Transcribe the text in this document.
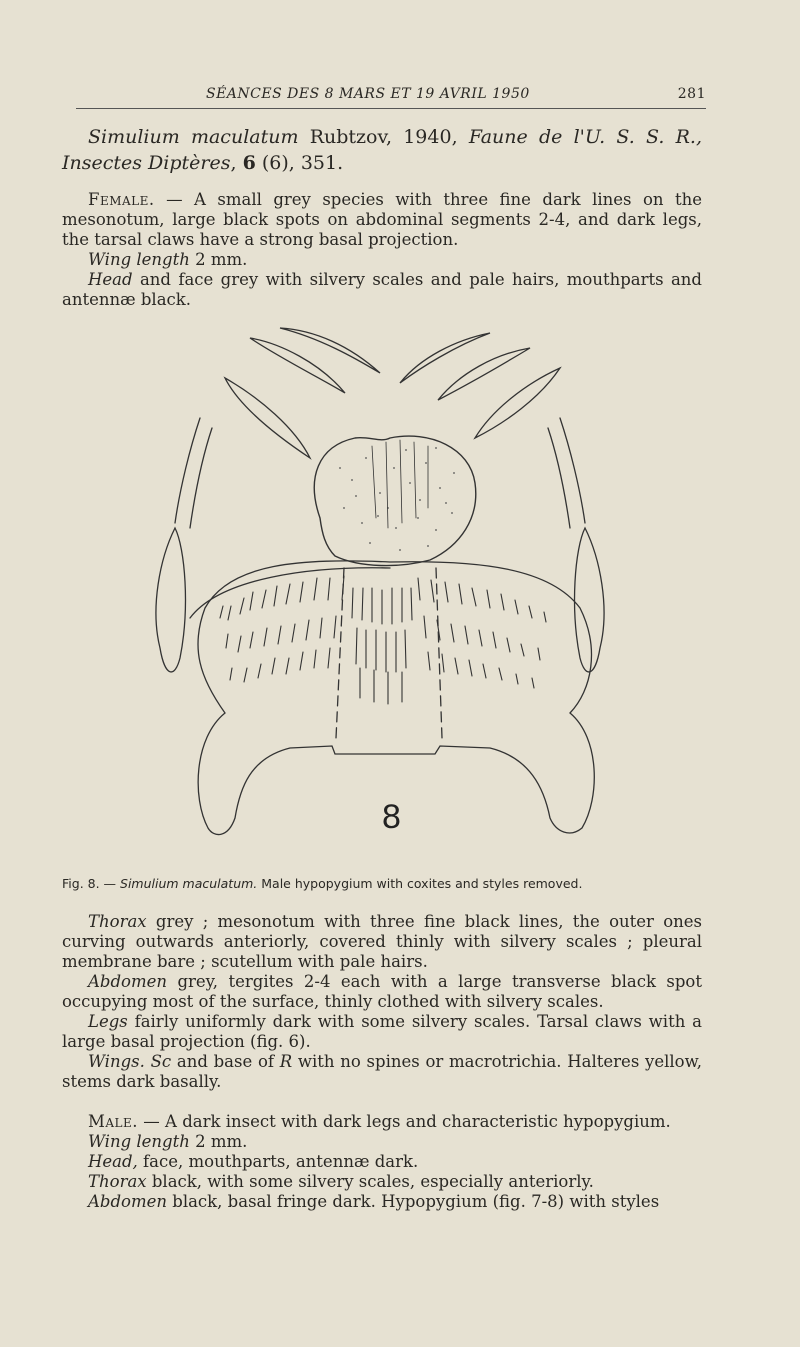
SÉANCES DES 8 MARS ET 19 AVRIL 1950	281

Simulium maculatum Rubtzov, 1940, Faune de l'U. S. S. R., Insectes Diptères, 6 (6), 351.

Female. — A small grey species with three fine dark lines on the mesonotum, large black spots on abdominal segments 2-4, and dark legs, the tarsal claws have a strong basal projection.

Wing length 2 mm.

Head and face grey with silvery scales and pale hairs, mouthparts and antennæ black.

8
Fig. 8. — Simulium maculatum. Male hypopygium with coxites and styles removed.

Thorax grey ; mesonotum with three fine black lines, the outer ones curving outwards anteriorly, covered thinly with silvery scales ; pleural membrane bare ; scutellum with pale hairs.

Abdomen grey, tergites 2-4 each with a large transverse black spot occupying most of the surface, thinly clothed with silvery scales.

Legs fairly uniformly dark with some silvery scales. Tarsal claws with a large basal projection (fig. 6).

Wings. Sc and base of R with no spines or macrotrichia. Halteres yellow, stems dark basally.

Male. — A dark insect with dark legs and characteristic hypopygium.

Wing length 2 mm.

Head, face, mouthparts, antennæ dark.

Thorax black, with some silvery scales, especially anteriorly.

Abdomen black, basal fringe dark. Hypopygium (fig. 7-8) with styles
